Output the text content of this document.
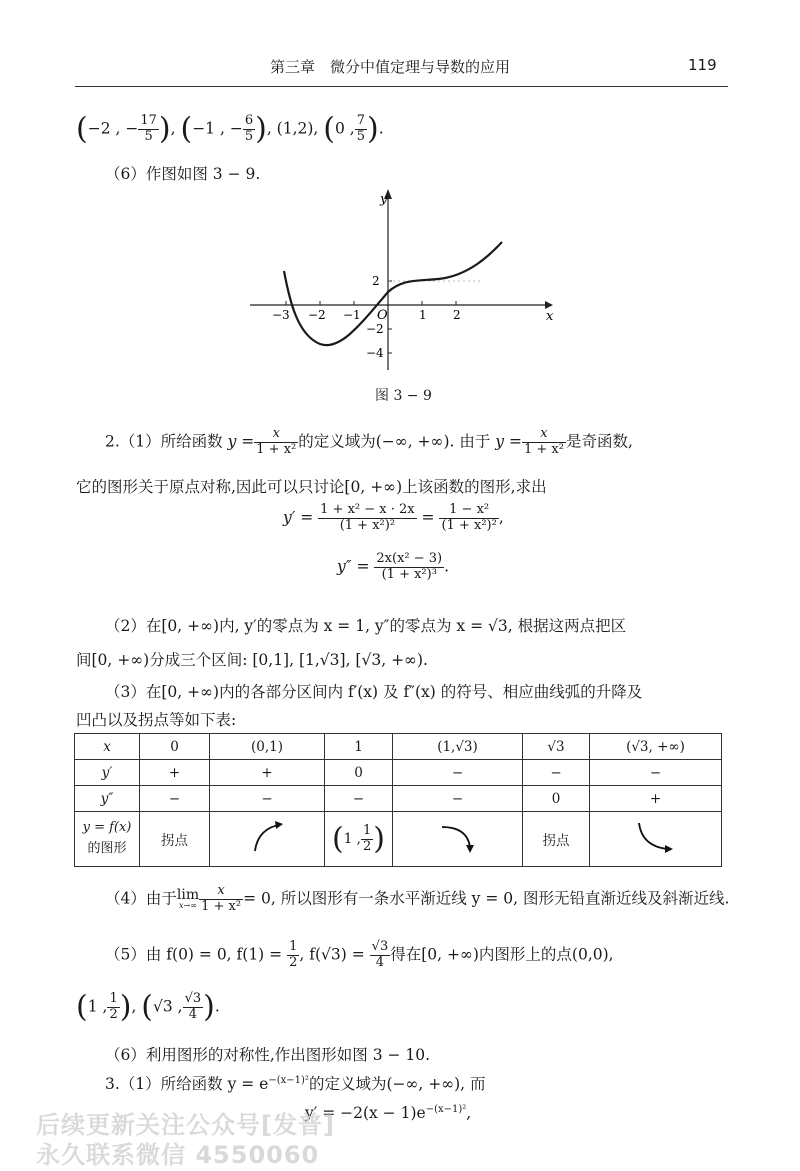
第三章　微分中值定理与导数的应用	119
(−2 , − $\frac{17}{5}$ ), (−1 , − $\frac{6}{5}$ ), (1,2), (0 , $\frac{7}{5}$ ).
（6）作图如图 3 − 9.
x
y
O
−3 −2 −1	1 2
2
−2
−4
图 3 − 9
2.（1）所给函数 $y = \frac{x}{\text{1 + x²}}$ 的定义域为(−∞, +∞). 由于 $y = \frac{x}{\text{1 + x²}}$ 是奇函数,
它的图形关于原点对称,因此可以只讨论[0, +∞)上该函数的图形,求出
$y' = \frac{\text{1 + x² − x · 2x}}{\text{(1 + x²)²}} = \frac{\text{1 − x²}}{\text{(1 + x²)²}}$ ,
$y'' = \frac{\text{2x(x² − 3)}}{\text{(1 + x²)³}}$ .
（2）在[0, +∞)内, y′的零点为 x = 1, y″的零点为 x = √3, 根据这两点把区
间[0, +∞)分成三个区间: [0,1], [1,√3], [√3, +∞).
（3）在[0, +∞)内的各部分区间内 f′(x) 及 f″(x) 的符号、相应曲线弧的升降及
凹凸以及拐点等如下表:
x	0	(0,1)	1	(1,√3)	√3	(√3, +∞)
y′	+	+	0	−	−	−
y″	−	−	−	−	0	+
y = f(x)
的图形	拐点		(1 , $\frac{1}{2}$ )		拐点	
（4）由于 lim
$x\to\infty \frac{x}{\text{1 + x²}} = 0$, 所以图形有一条水平渐近线 y = 0, 图形无铅直渐近线及斜渐近线.
（5）由 f(0) = 0, $f(1) = \frac{1}{2}$ , $f(√3) = \frac{√3}{4}$ 得在[0, +∞)内图形上的点(0,0),
(1 , $\frac{1}{2}$ ), (√3 , $\frac{√3}{4}$ ).
（6）利用图形的对称性,作出图形如图 3 − 10.
3.（1）所给函数 $y = e^{-(x-1)^2}$的定义域为(−∞, +∞), 而
$y' = -2(x - 1)e^{-(x-1)^2}$,
后续更新关注公众号[发普]
永久联系微信 4550060
